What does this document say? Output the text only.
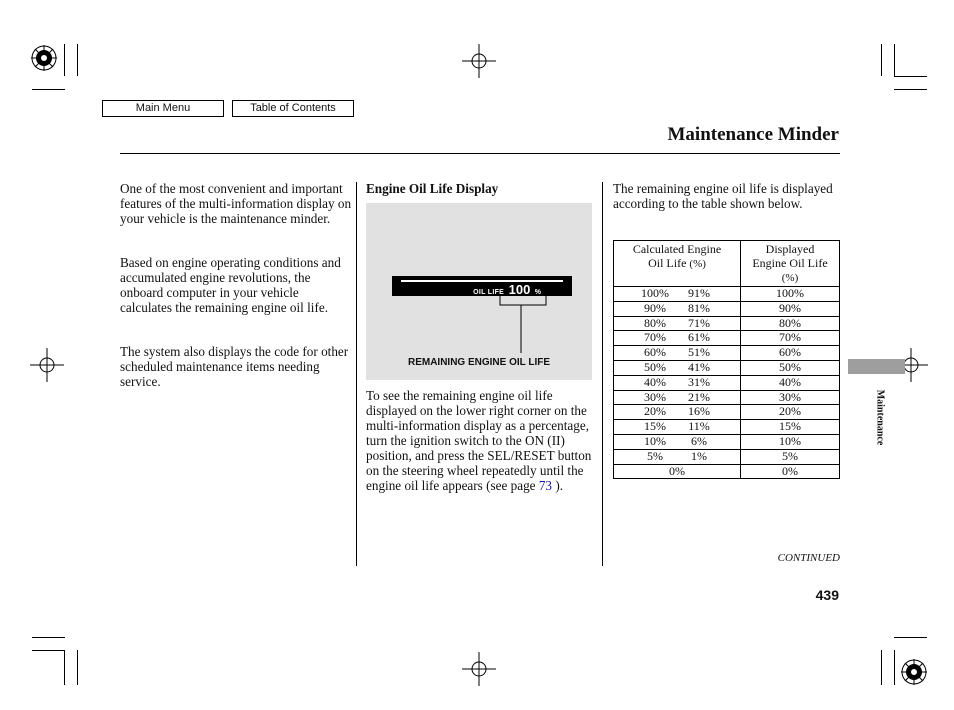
Main Menu	Table of Contents
Maintenance Minder
One of the most convenient and important features of the multi-information display on your vehicle is the maintenance minder.
Based on engine operating conditions and accumulated engine revolutions, the onboard computer in your vehicle calculates the remaining engine oil life.
The system also displays the code for other scheduled maintenance items needing service.
Engine Oil Life Display
OIL LIFE 100 %
REMAINING ENGINE OIL LIFE
To see the remaining engine oil life displayed on the lower right corner on the multi-information display as a percentage, turn the ignition switch to the ON (II) position, and press the SEL/RESET button on the steering wheel repeatedly until the engine oil life appears (see page 73 ).
The remaining engine oil life is displayed according to the table shown below.
Calculated Engine
Oil Life (%)	Displayed
Engine Oil Life
(%)
100% 91%	100%
90% 81%	90%
80% 71%	80%
70% 61%	70%
60% 51%	60%
50% 41%	50%
40% 31%	40%
30% 21%	30%
20% 16%	20%
15% 11%	15%
10% 6%	10%
5% 1%	5%
0%	0%
Maintenance
CONTINUED
439
